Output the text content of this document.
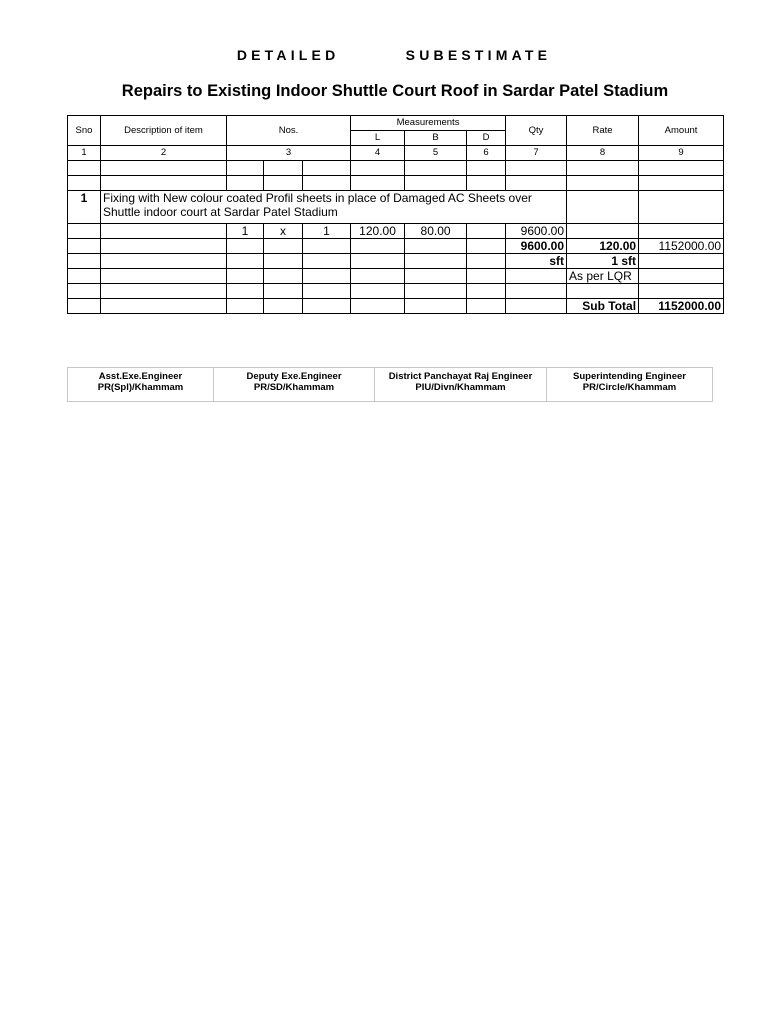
DETAILED   SUBESTIMATE
Repairs to Existing Indoor Shuttle Court Roof in Sardar Patel Stadium
Sno	Description of item	Nos.			Measurements			Qty	Rate	Amount
					L	B	D			
1	2	3			4	5	6	7	8	9

1	Fixing with New colour coated Profil sheets in place of Damaged AC Sheets over Shuttle indoor court at Sardar Patel Stadium									
		1	x	1	120.00	80.00		9600.00		
								9600.00	120.00	1152000.00
								sft	1 sft	
									As per LQR	

									Sub Total	1152000.00
Asst.Exe.Engineer
PR(Spl)/Khammam

Deputy Exe.Engineer
PR/SD/Khammam

District Panchayat Raj Engineer
PIU/Divn/Khammam

Superintending Engineer
PR/Circle/Khammam
